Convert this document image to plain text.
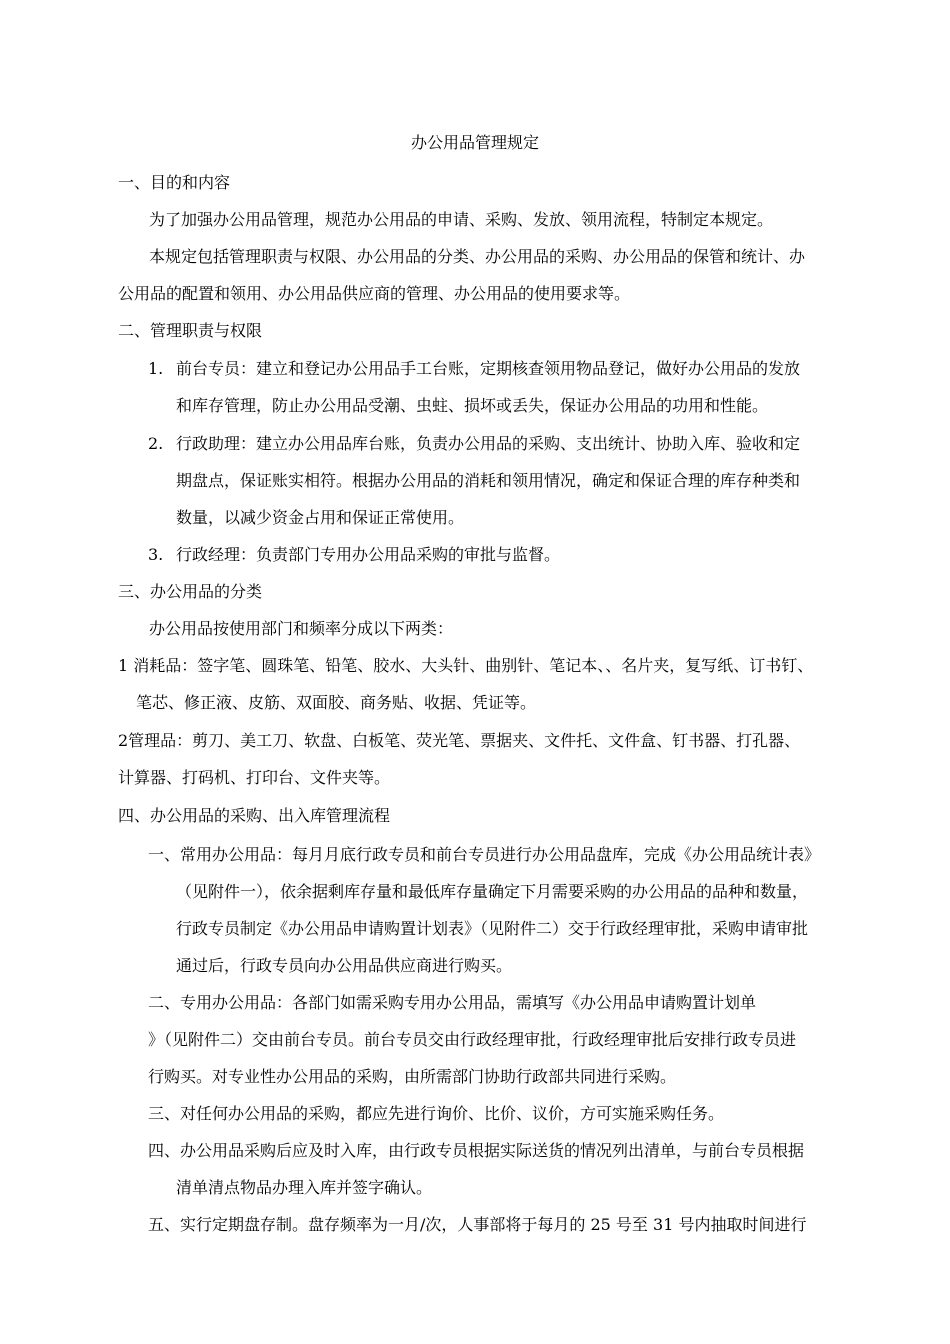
办公用品管理规定
一、目的和内容
为了加强办公用品管理，规范办公用品的申请、采购、发放、领用流程，特制定本规定。
本规定包括管理职责与权限、办公用品的分类、办公用品的采购、办公用品的保管和统计、办
公用品的配置和领用、办公用品供应商的管理、办公用品的使用要求等。
二、管理职责与权限
1. 前台专员：建立和登记办公用品手工台账，定期核查领用物品登记，做好办公用品的发放
和库存管理，防止办公用品受潮、虫蛀、损坏或丢失，保证办公用品的功用和性能。
2. 行政助理：建立办公用品库台账，负责办公用品的采购、支出统计、协助入库、验收和定
期盘点，保证账实相符。根据办公用品的消耗和领用情况，确定和保证合理的库存种类和
数量，以减少资金占用和保证正常使用。
3. 行政经理：负责部门专用办公用品采购的审批与监督。
三、办公用品的分类
办公用品按使用部门和频率分成以下两类：
1 消耗品：签字笔、圆珠笔、铅笔、胶水、大头针、曲别针、笔记本、、名片夹，复写纸、订书钉、
笔芯、修正液、皮筋、双面胶、商务贴、收据、凭证等。
2管理品：剪刀、美工刀、软盘、白板笔、荧光笔、票据夹、文件托、文件盒、钉书器、打孔器、
计算器、打码机、打印台、文件夹等。
四、办公用品的采购、出入库管理流程
一、常用办公用品：每月月底行政专员和前台专员进行办公用品盘库，完成《办公用品统计表》
（见附件一），依余据剩库存量和最低库存量确定下月需要采购的办公用品的品种和数量，
行政专员制定《办公用品申请购置计划表》（见附件二）交于行政经理审批，采购申请审批
通过后，行政专员向办公用品供应商进行购买。
二、专用办公用品：各部门如需采购专用办公用品，需填写《办公用品申请购置计划单
》（见附件二）交由前台专员。前台专员交由行政经理审批，行政经理审批后安排行政专员进
行购买。对专业性办公用品的采购，由所需部门协助行政部共同进行采购。
三、对任何办公用品的采购，都应先进行询价、比价、议价，方可实施采购任务。
四、办公用品采购后应及时入库，由行政专员根据实际送货的情况列出清单，与前台专员根据
清单清点物品办理入库并签字确认。
五、实行定期盘存制。盘存频率为一月/次，人事部将于每月的 25 号至 31 号内抽取时间进行
